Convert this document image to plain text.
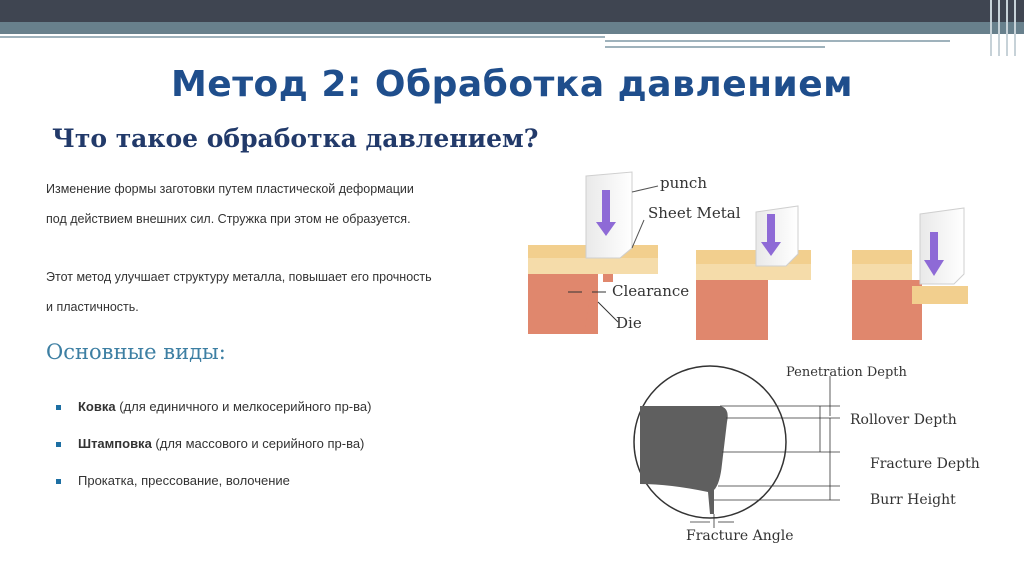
Метод 2: Обработка давлением
Что такое обработка давлением?
Изменение формы заготовки путем пластической деформации
под действием внешних сил. Стружка при этом не образуется.
Этот метод улучшает структуру металла, повышает его прочность
и пластичность.
Основные виды:
Ковка (для единичного и мелкосерийного пр-ва)
Штамповка (для массового и серийного пр-ва)
Прокатка, прессование, волочение
punch
Sheet Metal
Clearance
Die
Penetration Depth
Rollover Depth
Fracture Depth
Burr Height
Fracture Angle
